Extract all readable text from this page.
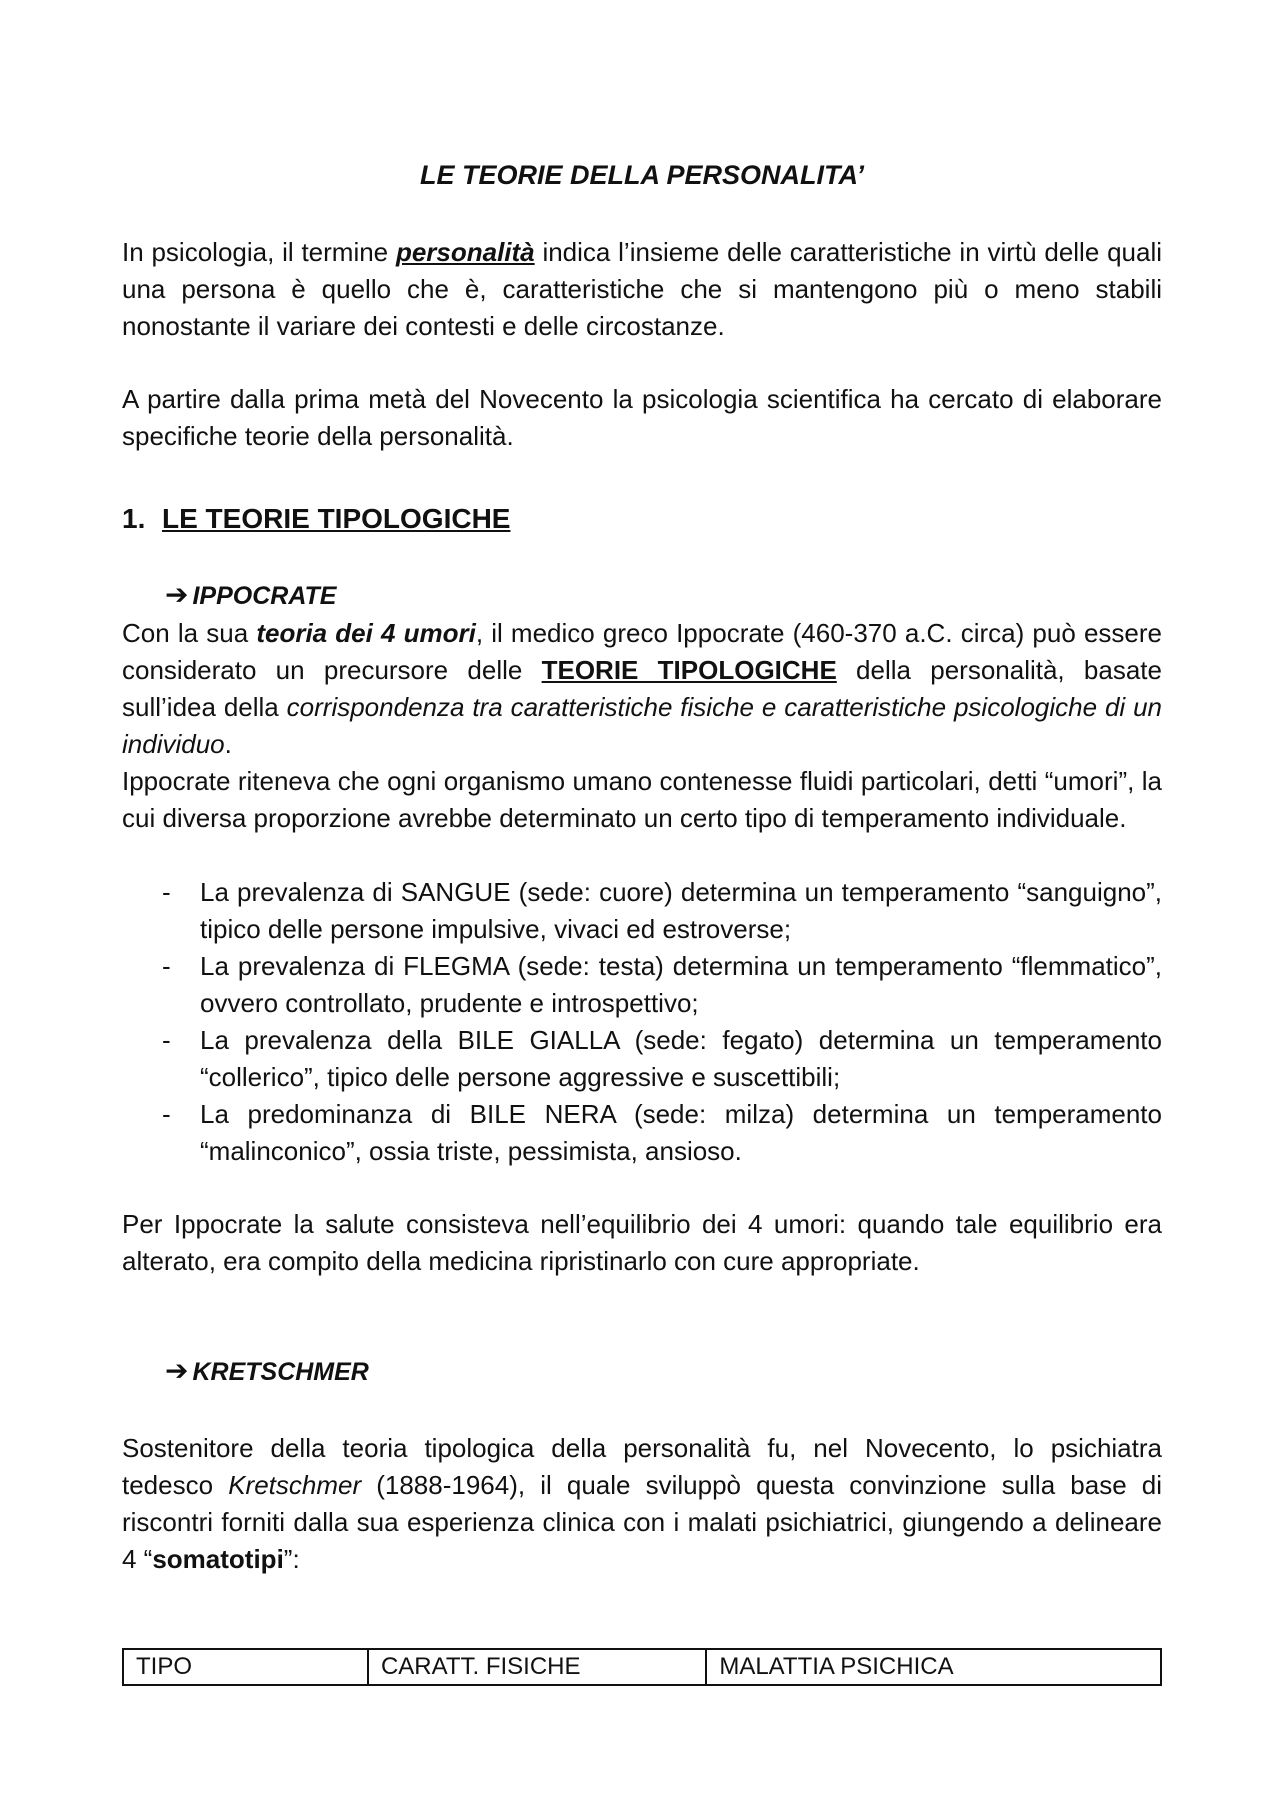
LE TEORIE DELLA PERSONALITA’

In psicologia, il termine personalità indica l’insieme delle caratteristiche in virtù delle quali una persona è quello che è, caratteristiche che si mantengono più o meno stabili nonostante il variare dei contesti e delle circostanze.

A partire dalla prima metà del Novecento la psicologia scientifica ha cercato di elaborare specifiche teorie della personalità.

1. LE TEORIE TIPOLOGICHE
➔ IPPOCRATE

Con la sua teoria dei 4 umori, il medico greco Ippocrate (460-370 a.C. circa) può essere considerato un precursore delle TEORIE TIPOLOGICHE della personalità, basate sull’idea della corrispondenza tra caratteristiche fisiche e caratteristiche psicologiche di un individuo.

Ippocrate riteneva che ogni organismo umano contenesse fluidi particolari, detti “umori”, la cui diversa proporzione avrebbe determinato un certo tipo di temperamento individuale.

- La prevalenza di SANGUE (sede: cuore) determina un temperamento “sanguigno”, tipico delle persone impulsive, vivaci ed estroverse;
- La prevalenza di FLEGMA (sede: testa) determina un temperamento “flemmatico”, ovvero controllato, prudente e introspettivo;
- La prevalenza della BILE GIALLA (sede: fegato) determina un temperamento “collerico”, tipico delle persone aggressive e suscettibili;
- La predominanza di BILE NERA (sede: milza) determina un temperamento “malinconico”, ossia triste, pessimista, ansioso.

Per Ippocrate la salute consisteva nell’equilibrio dei 4 umori: quando tale equilibrio era alterato, era compito della medicina ripristinarlo con cure appropriate.

➔ KRETSCHMER

Sostenitore della teoria tipologica della personalità fu, nel Novecento, lo psichiatra tedesco Kretschmer (1888-1964), il quale sviluppò questa convinzione sulla base di riscontri forniti dalla sua esperienza clinica con i malati psichiatrici, giungendo a delineare 4 “somatotipi”:

TIPO	CARATT. FISICHE	MALATTIA PSICHICA
